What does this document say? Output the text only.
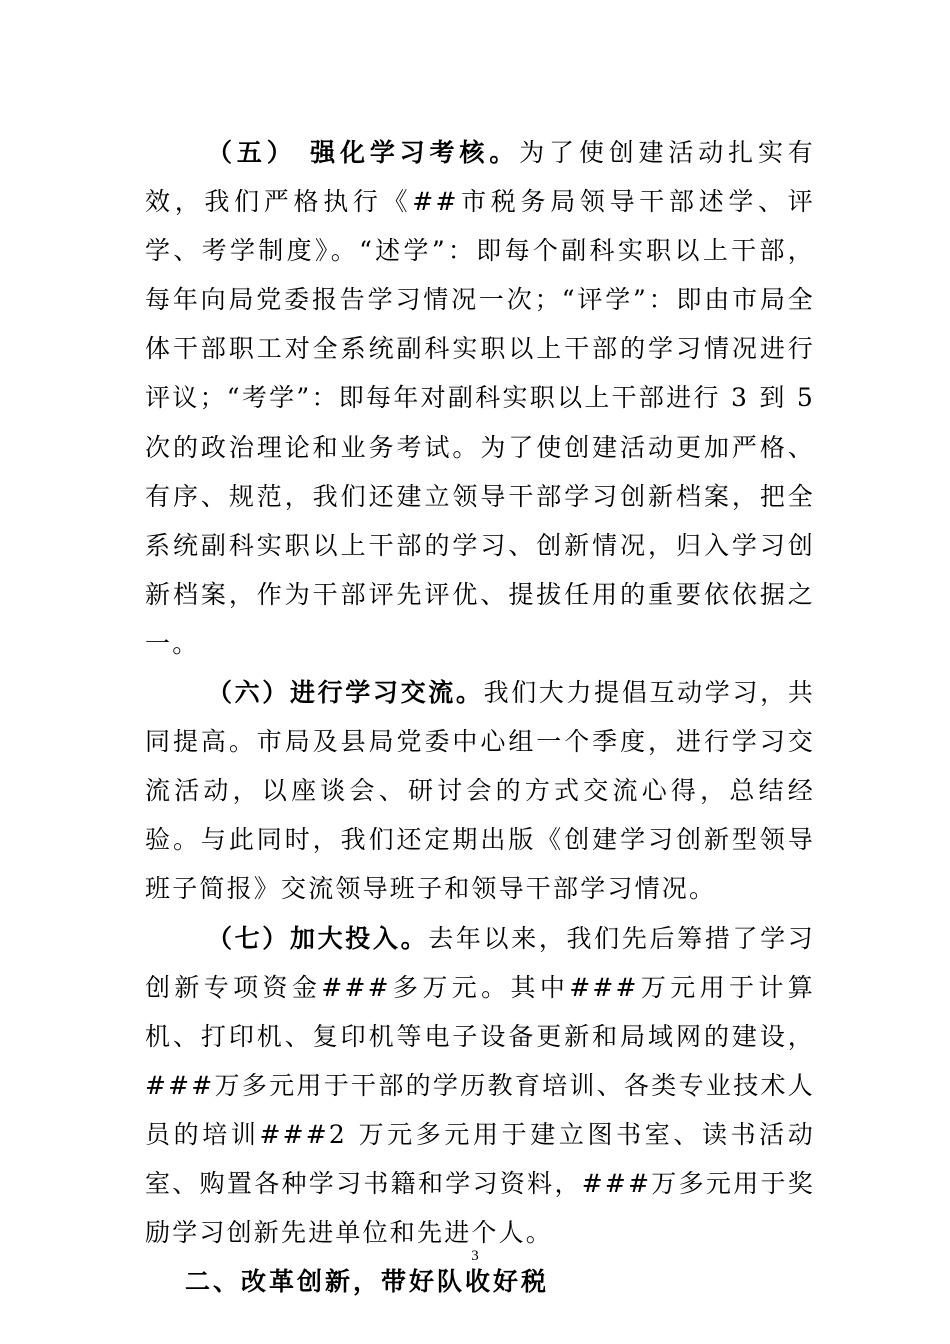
（五） 强化学习考核。为了使创建活动扎实有效，我们严格执行《##市税务局领导干部述学、评学、考学制度》。“述学”：即每个副科实职以上干部，每年向局党委报告学习情况一次；“评学”：即由市局全体干部职工对全系统副科实职以上干部的学习情况进行评议；“考学”：即每年对副科实职以上干部进行 3 到 5 次的政治理论和业务考试。为了使创建活动更加严格、有序、规范，我们还建立领导干部学习创新档案，把全系统副科实职以上干部的学习、创新情况，归入学习创新档案，作为干部评先评优、提拔任用的重要依依据之一。

（六）进行学习交流。我们大力提倡互动学习，共同提高。市局及县局党委中心组一个季度，进行学习交流活动，以座谈会、研讨会的方式交流心得，总结经验。与此同时，我们还定期出版《创建学习创新型领导班子简报》交流领导班子和领导干部学习情况。

（七）加大投入。去年以来，我们先后筹措了学习创新专项资金###多万元。其中###万元用于计算机、打印机、复印机等电子设备更新和局域网的建设，###万多元用于干部的学历教育培训、各类专业技术人员的培训###2 万元多元用于建立图书室、读书活动室、购置各种学习书籍和学习资料，###万多元用于奖励学习创新先进单位和先进个人。

二、改革创新，带好队收好税

3
